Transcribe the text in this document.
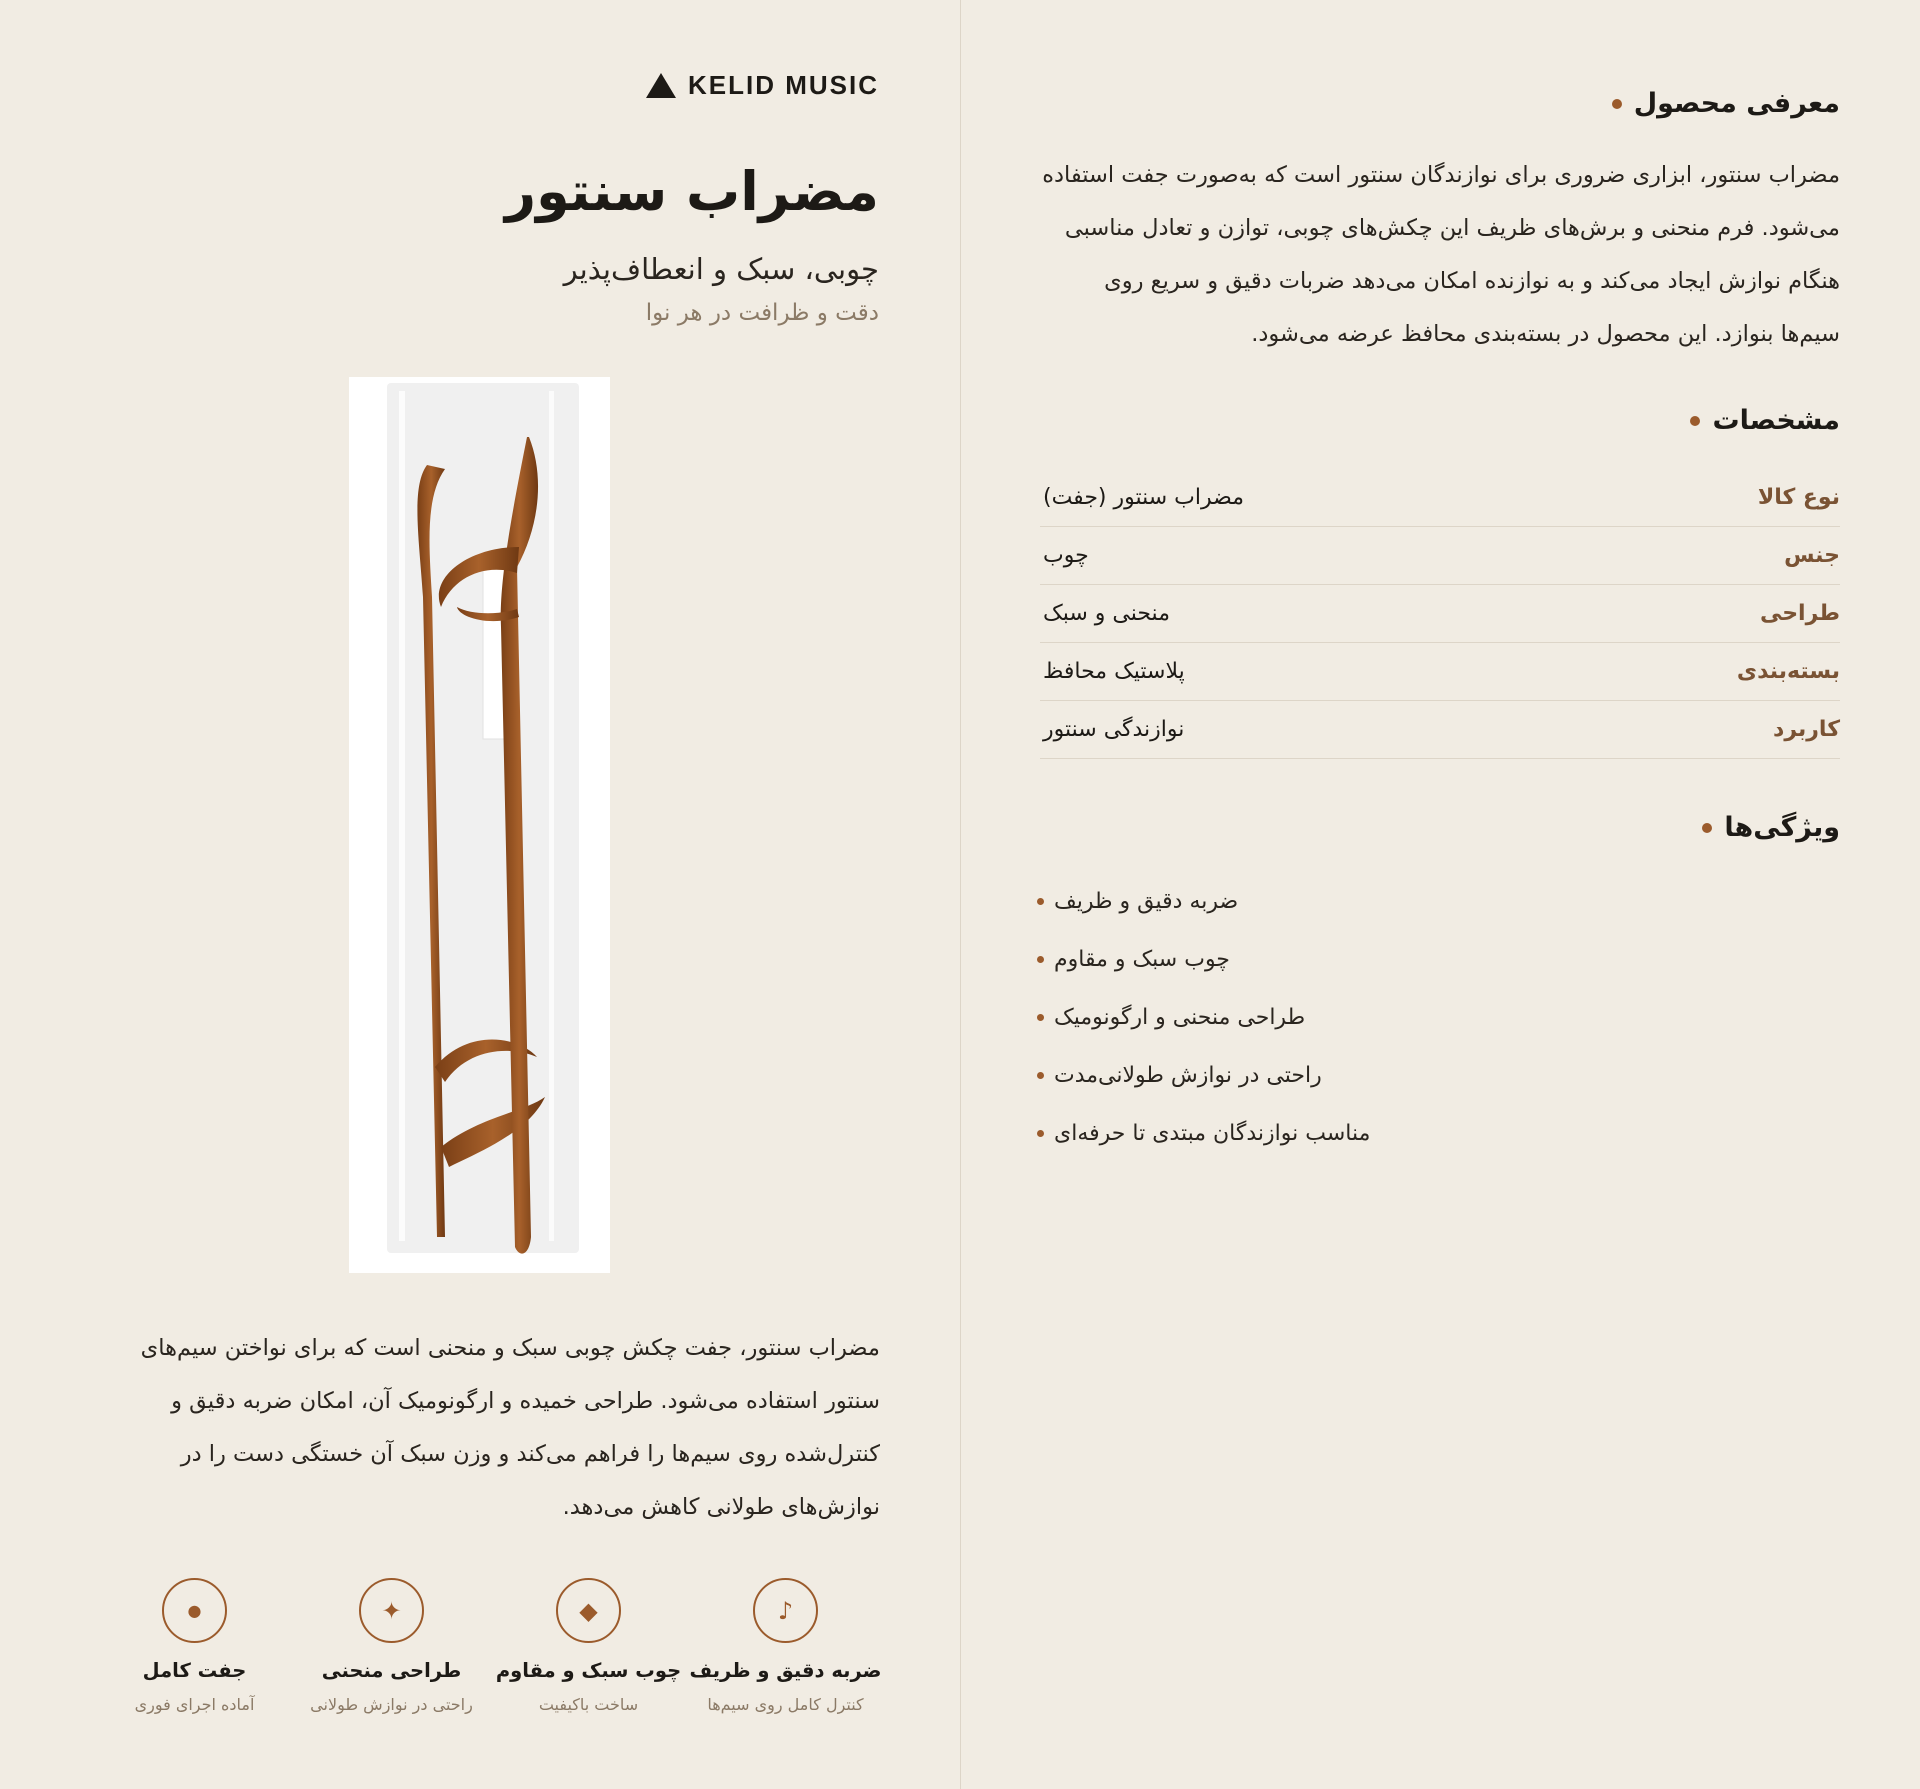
KELID MUSIC
مضراب سنتور
چوبی، سبک و انعطاف‌پذیر
دقت و ظرافت در هر نوا

مضراب سنتور، جفت چکش چوبی سبک و منحنی است که برای نواختن سیم‌های سنتور استفاده می‌شود. طراحی خمیده و ارگونومیک آن، امکان ضربه دقیق و کنترل‌شده روی سیم‌ها را فراهم می‌کند و وزن سبک آن خستگی دست را در نوازش‌های طولانی کاهش می‌دهد.

♪
ضربه دقیق و ظریف
کنترل کامل روی سیم‌ها
◆
چوب سبک و مقاوم
ساخت باکیفیت
✦
طراحی منحنی
راحتی در نوازش طولانی
●
جفت کامل
آماده اجرای فوری
معرفی محصول

مضراب سنتور، ابزاری ضروری برای نوازندگان سنتور است که به‌صورت جفت استفاده می‌شود. فرم منحنی و برش‌های ظریف این چکش‌های چوبی، توازن و تعادل مناسبی هنگام نوازش ایجاد می‌کند و به نوازنده امکان می‌دهد ضربات دقیق و سریع روی سیم‌ها بنوازد. این محصول در بسته‌بندی محافظ عرضه می‌شود.

مشخصات
نوع کالا
مضراب سنتور (جفت)
جنس
چوب
طراحی
منحنی و سبک
بسته‌بندی
پلاستیک محافظ
کاربرد
نوازندگی سنتور
ویژگی‌ها
ضربه دقیق و ظریف
چوب سبک و مقاوم
طراحی منحنی و ارگونومیک
راحتی در نوازش طولانی‌مدت
مناسب نوازندگان مبتدی تا حرفه‌ای
